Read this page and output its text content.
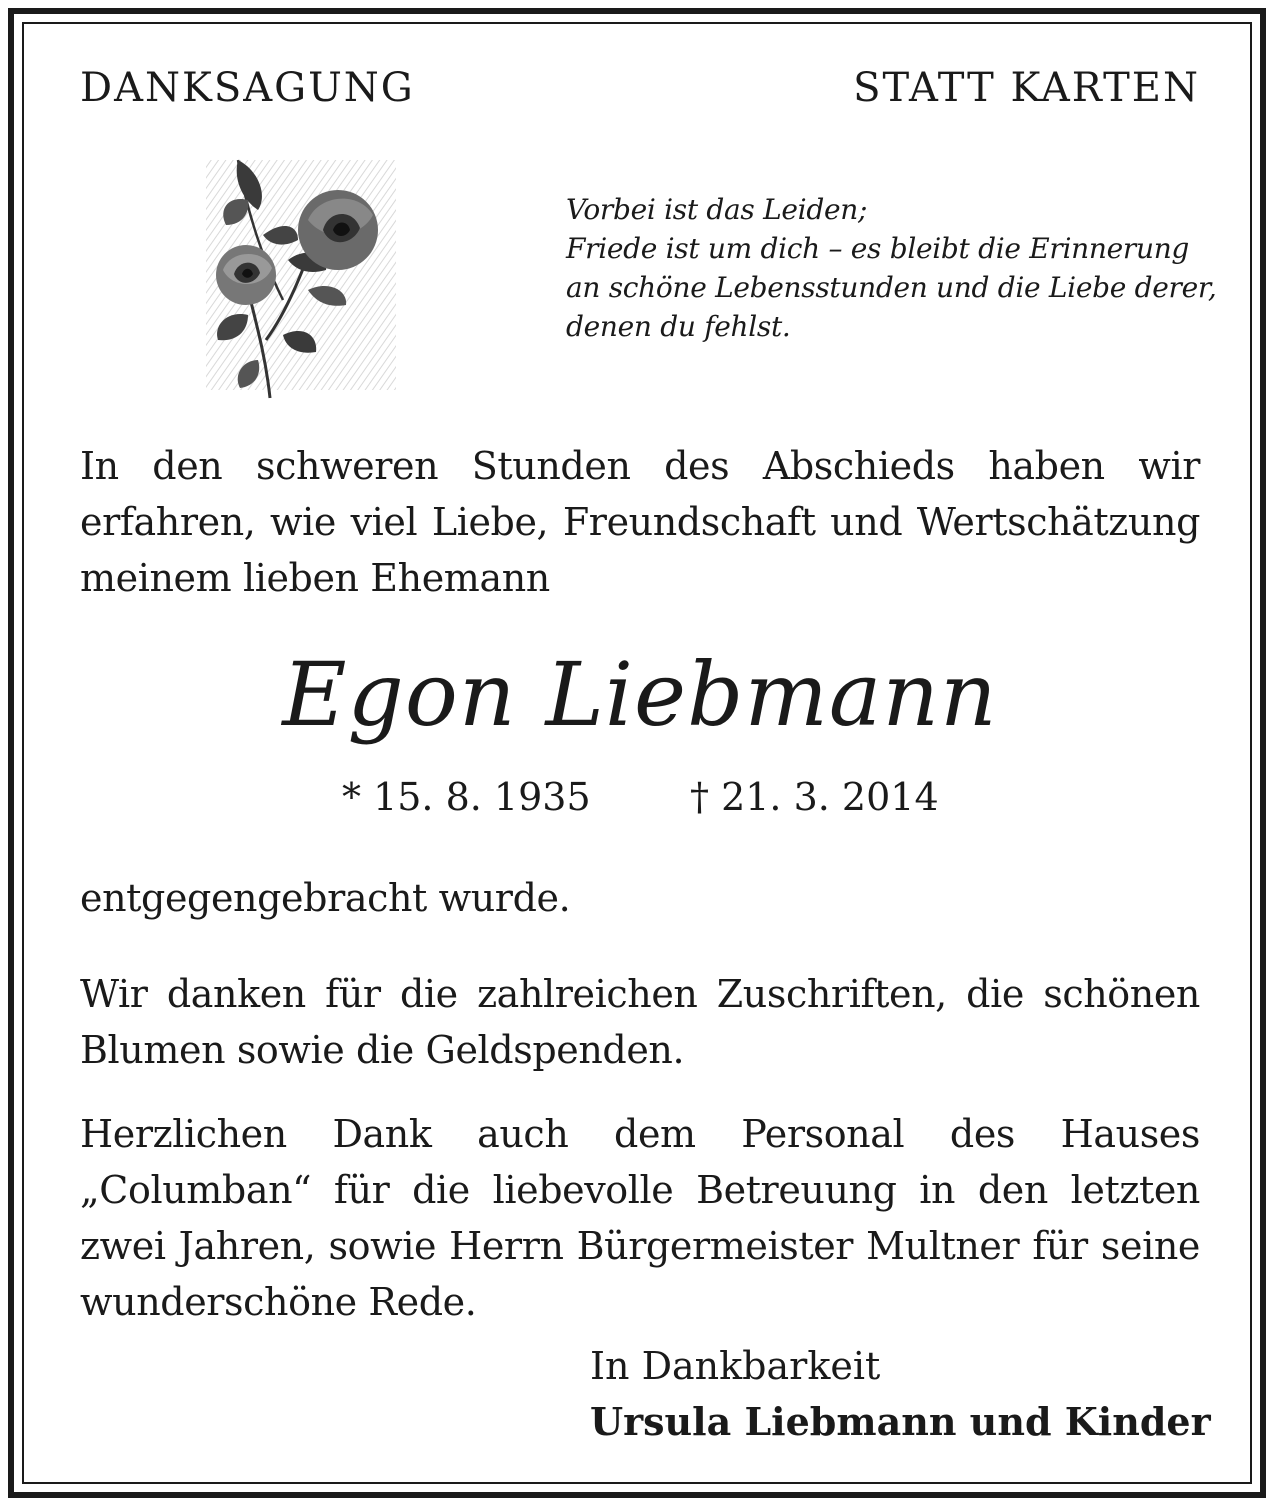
DANKSAGUNG	STATT KARTEN
Vorbei ist das Leiden;
Friede ist um dich – es bleibt die Erinnerung
an schöne Lebensstunden und die Liebe derer,
denen du fehlst.
In den schweren Stunden des Abschieds haben wir
erfahren, wie viel Liebe, Freundschaft und Wertschätzung
meinem lieben Ehemann
Egon Liebmann
* 15. 8. 1935	† 21. 3. 2014
entgegengebracht wurde.
Wir danken für die zahlreichen Zuschriften, die schönen
Blumen sowie die Geldspenden.
Herzlichen Dank auch dem Personal des Hauses
„Columban“ für die liebevolle Betreuung in den letzten
zwei Jahren, sowie Herrn Bürgermeister Multner für seine
wunderschöne Rede.
In Dankbarkeit
Ursula Liebmann und Kinder
